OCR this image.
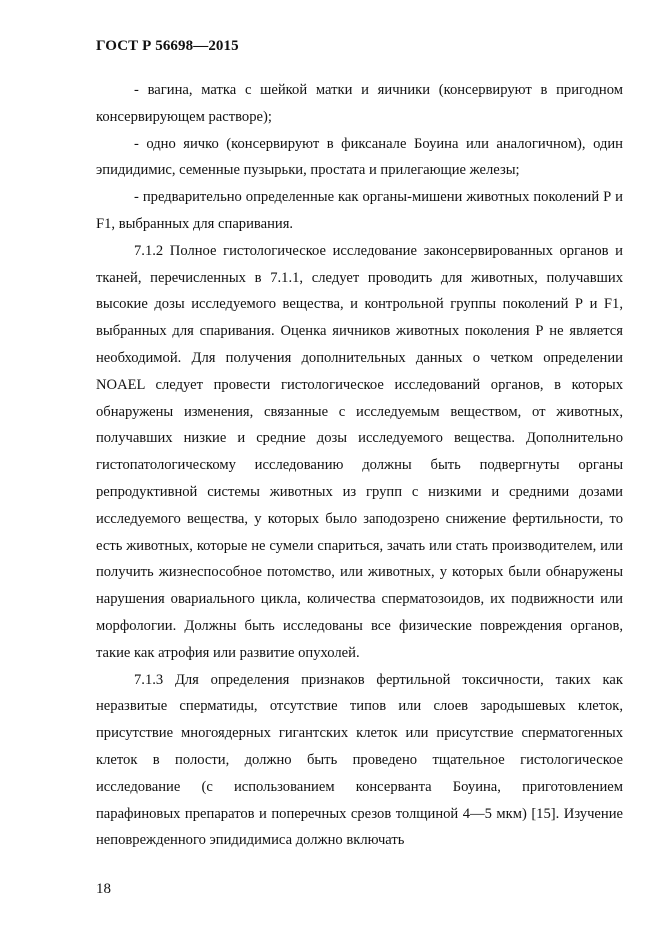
ГОСТ Р 56698—2015

- вагина, матка с шейкой матки и яичники (консервируют в пригодном консервирующем растворе);

- одно яичко (консервируют в фиксанале Боуина или аналогичном), один эпидидимис, семенные пузырьки, простата и прилегающие железы;

- предварительно определенные как органы-мишени животных поколений Р и F1, выбранных для спаривания.

7.1.2 Полное гистологическое исследование законсервированных органов и тканей, перечисленных в 7.1.1, следует проводить для животных, получавших высокие дозы исследуемого вещества, и контрольной группы поколений Р и F1, выбранных для спаривания. Оценка яичников животных поколения Р не является необходимой. Для получения дополнительных данных о четком определении NOAEL следует провести гистологическое исследований органов, в которых обнаружены изменения, связанные с исследуемым веществом, от животных, получавших низкие и средние дозы исследуемого вещества. Дополнительно гистопатологическому исследованию должны быть подвергнуты органы репродуктивной системы животных из групп с низкими и средними дозами исследуемого вещества, у которых было заподозрено снижение фертильности, то есть животных, которые не сумели спариться, зачать или стать производителем, или получить жизнеспособное потомство, или животных, у которых были обнаружены нарушения овариального цикла, количества сперматозоидов, их подвижности или морфологии. Должны быть исследованы все физические повреждения органов, такие как атрофия или развитие опухолей.

7.1.3 Для определения признаков фертильной токсичности, таких как неразвитые сперматиды, отсутствие типов или слоев зародышевых клеток, присутствие многоядерных гигантских клеток или присутствие сперматогенных клеток в полости, должно быть проведено тщательное гистологическое исследование (с использованием консерванта Боуина, приготовлением парафиновых препаратов и поперечных срезов толщиной 4—5 мкм) [15]. Изучение неповрежденного эпидидимиса должно включать

18
